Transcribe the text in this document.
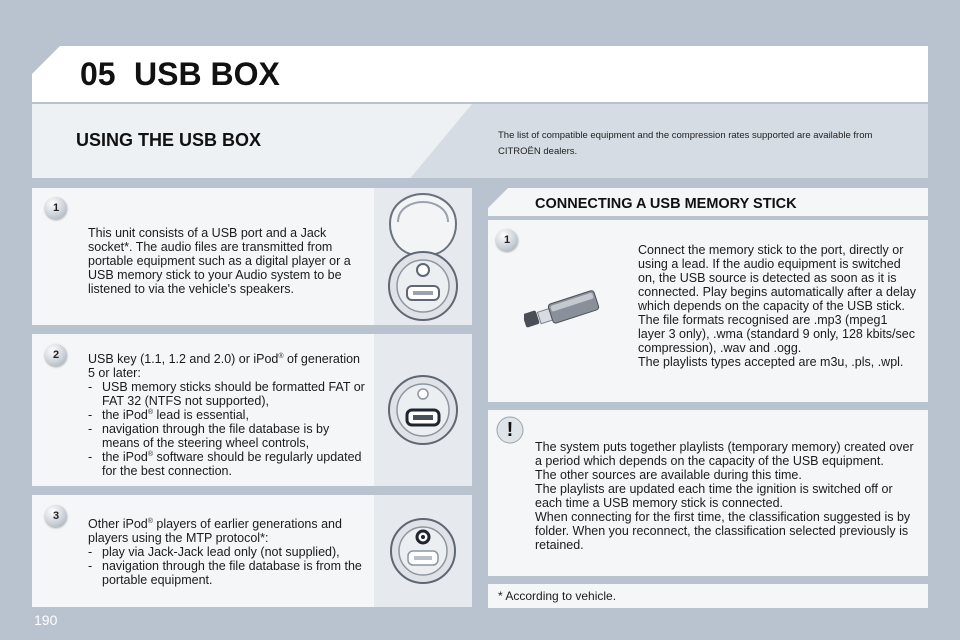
05 USB BOX
USING THE USB BOX	The list of compatible equipment and the compression rates supported are available from CITROËN dealers.
1
This unit consists of a USB port and a Jack socket*. The audio files are transmitted from portable equipment such as a digital player or a USB memory stick to your Audio system to be listened to via the vehicle's speakers.
2	USB key (1.1, 1.2 and 2.0) or iPod® of generation 5 or later:

- USB memory sticks should be formatted FAT or FAT 32 (NTFS not supported),
- the iPod® lead is essential,
- navigation through the file database is by means of the steering wheel controls,
- the iPod® software should be regularly updated for the best connection.
3

Other iPod® players of earlier generations and players using the MTP protocol*:

- play via Jack-Jack lead only (not supplied),
- navigation through the file database is from the portable equipment.
CONNECTING A USB MEMORY STICK
1

Connect the memory stick to the port, directly or using a lead. If the audio equipment is switched on, the USB source is detected as soon as it is connected. Play begins automatically after a delay which depends on the capacity of the USB stick.

The file formats recognised are .mp3 (mpeg1 layer 3 only), .wma (standard 9 only, 128 kbits/sec compression), .wav and .ogg.

The playlists types accepted are m3u, .pls, .wpl.

!

The system puts together playlists (temporary memory) created over a period which depends on the capacity of the USB equipment.

The other sources are available during this time.

The playlists are updated each time the ignition is switched off or each time a USB memory stick is connected.

When connecting for the first time, the classification suggested is by folder. When you reconnect, the classification selected previously is retained.

* According to vehicle.
190
